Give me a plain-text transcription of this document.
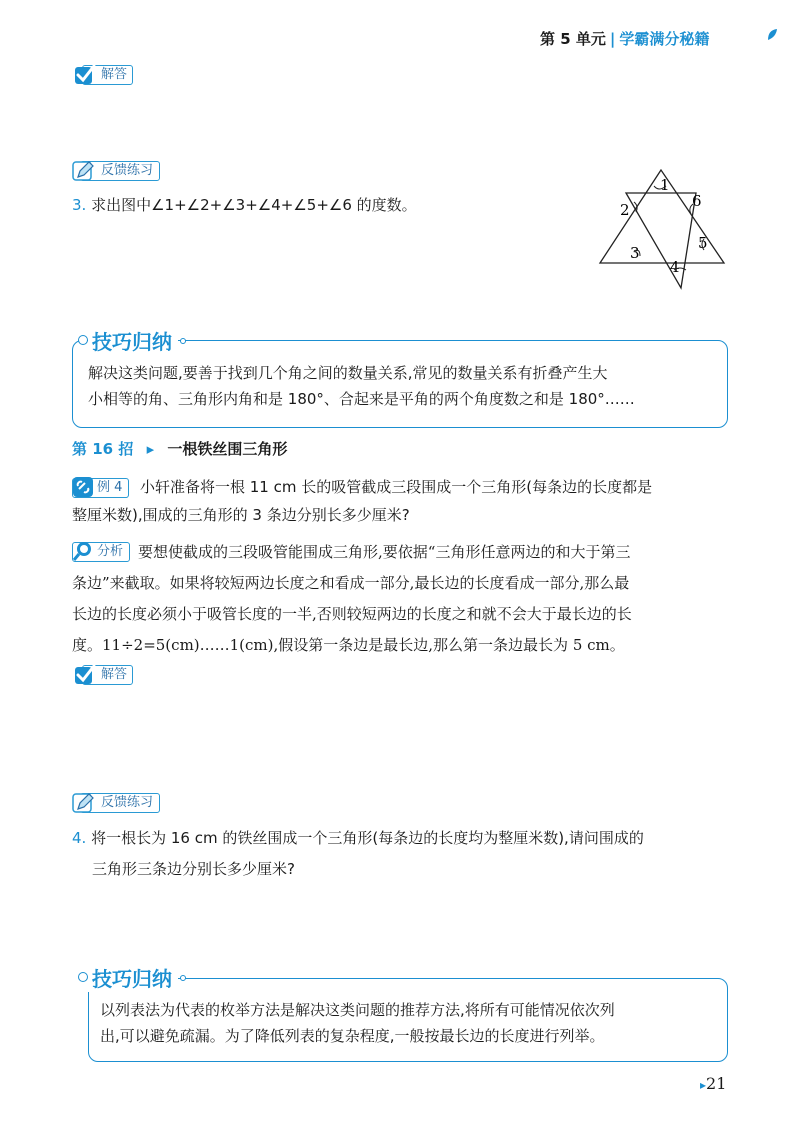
第 5 单元 | 学霸满分秘籍
解答
反馈练习
3. 求出图中∠1+∠2+∠3+∠4+∠5+∠6 的度数。
1
2
3
4
5
6
技巧归纳
解决这类问题,要善于找到几个角之间的数量关系,常见的数量关系有折叠产生大
小相等的角、三角形内角和是 180°、合起来是平角的两个角度数之和是 180°……
第 16 招 ▸ 一根铁丝围三角形
例 4	小轩准备将一根 11 cm 长的吸管截成三段围成一个三角形(每条边的长度都是
整厘米数),围成的三角形的 3 条边分别长多少厘米?
分析 要想使截成的三段吸管能围成三角形,要依据“三角形任意两边的和大于第三
条边”来截取。如果将较短两边长度之和看成一部分,最长边的长度看成一部分,那么最
长边的长度必须小于吸管长度的一半,否则较短两边的长度之和就不会大于最长边的长
度。11÷2=5(cm)……1(cm),假设第一条边是最长边,那么第一条边最长为 5 cm。
解答
反馈练习
4. 将一根长为 16 cm 的铁丝围成一个三角形(每条边的长度均为整厘米数),请问围成的
三角形三条边分别长多少厘米?
技巧归纳
以列表法为代表的枚举方法是解决这类问题的推荐方法,将所有可能情况依次列
出,可以避免疏漏。为了降低列表的复杂程度,一般按最长边的长度进行列举。
▸21
